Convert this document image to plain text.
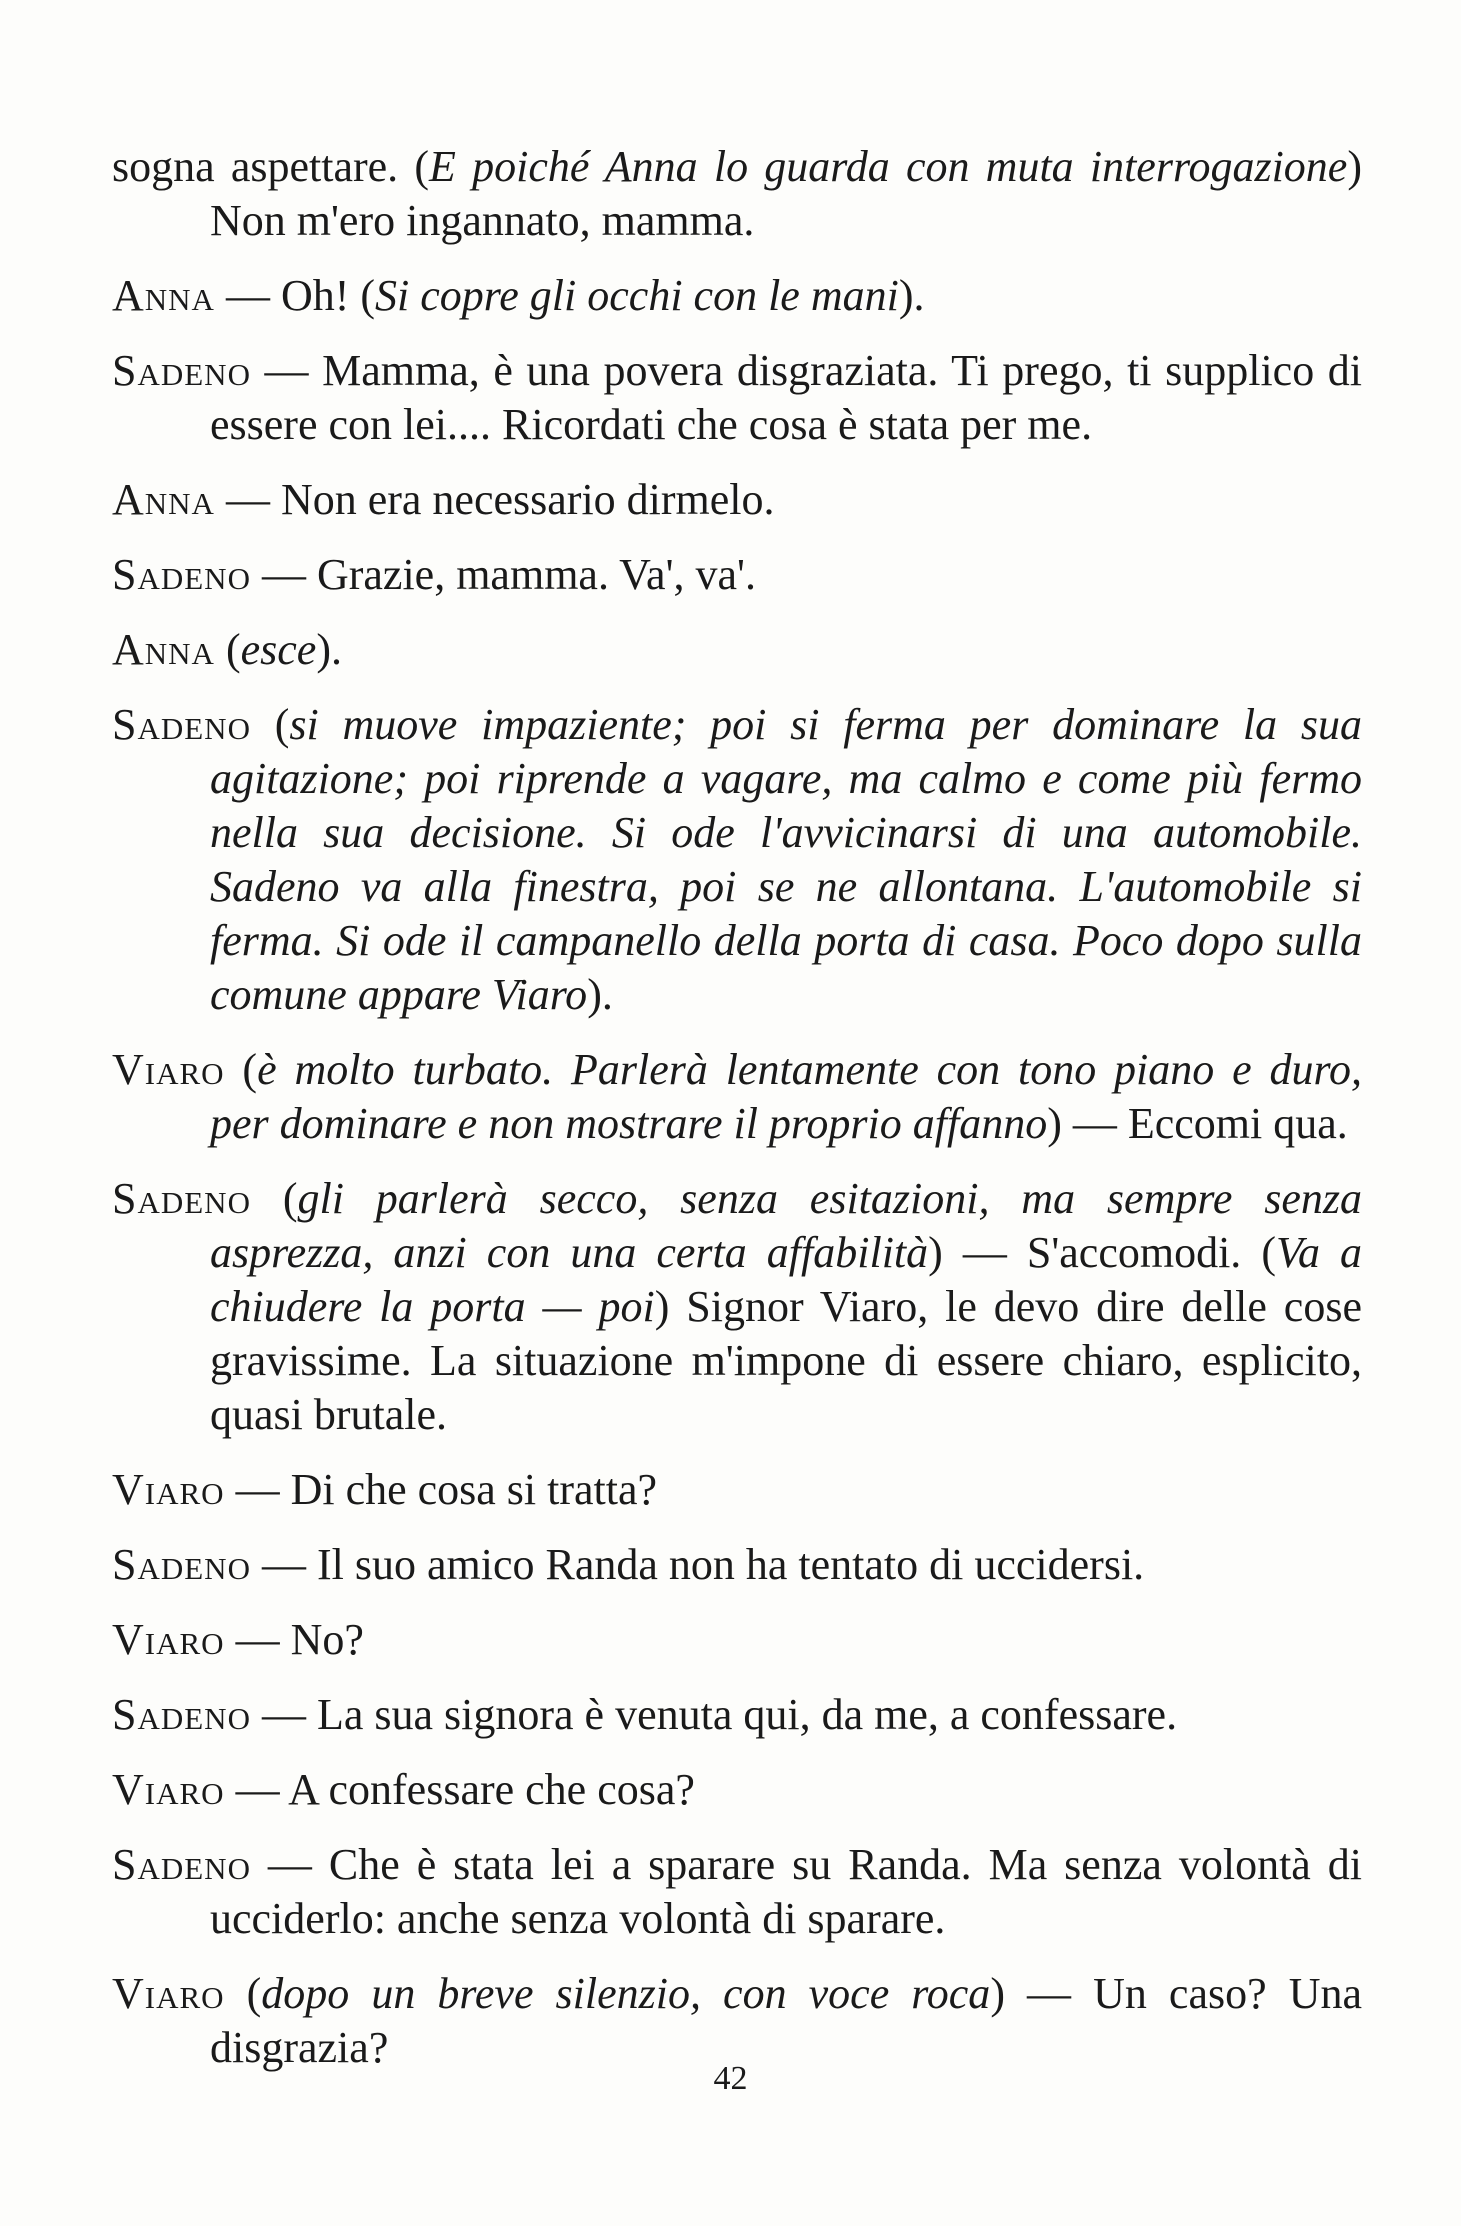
sogna aspettare. (E poiché Anna lo guarda con muta interrogazione) Non m'ero ingannato, mamma.

Anna — Oh! (Si copre gli occhi con le mani).

Sadeno — Mamma, è una povera disgraziata. Ti prego, ti supplico di essere con lei.... Ricordati che cosa è stata per me.

Anna — Non era necessario dirmelo.

Sadeno — Grazie, mamma. Va', va'.

Anna (esce).

Sadeno (si muove impaziente; poi si ferma per dominare la sua agitazione; poi riprende a vagare, ma calmo e come più fermo nella sua decisione. Si ode l'avvicinarsi di una automobile. Sadeno va alla finestra, poi se ne allontana. L'automobile si ferma. Si ode il campanello della porta di casa. Poco dopo sulla comune appare Viaro).

Viaro (è molto turbato. Parlerà lentamente con tono piano e duro, per dominare e non mostrare il proprio affanno) — Eccomi qua.

Sadeno (gli parlerà secco, senza esitazioni, ma sempre senza asprezza, anzi con una certa affabilità) — S'accomodi. (Va a chiudere la porta — poi) Signor Viaro, le devo dire delle cose gravissime. La situazione m'impone di essere chiaro, esplicito, quasi brutale.

Viaro — Di che cosa si tratta?

Sadeno — Il suo amico Randa non ha tentato di uccidersi.

Viaro — No?

Sadeno — La sua signora è venuta qui, da me, a confessare.

Viaro — A confessare che cosa?

Sadeno — Che è stata lei a sparare su Randa. Ma senza volontà di ucciderlo: anche senza volontà di sparare.

Viaro (dopo un breve silenzio, con voce roca) — Un caso? Una disgrazia?

42
